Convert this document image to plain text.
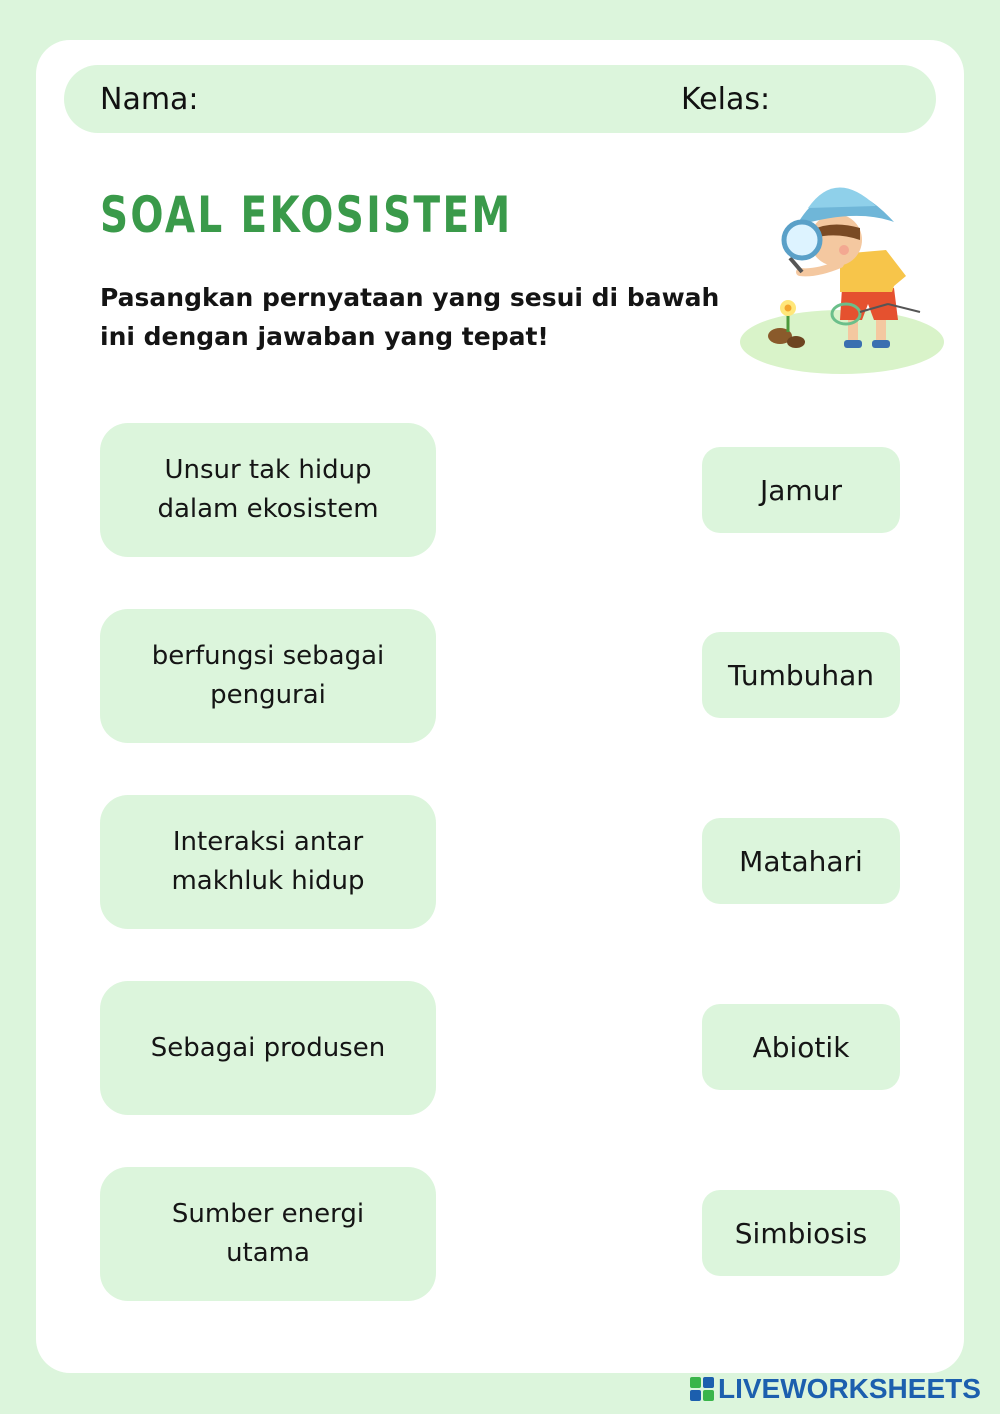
Nama:	Kelas:
SOAL EKOSISTEM
Pasangkan pernyataan yang sesui di bawah ini dengan jawaban yang tepat!
Unsur tak hidup dalam ekosistem
berfungsi sebagai pengurai
Interaksi antar makhluk hidup
Sebagai produsen
Sumber energi utama
Jamur
Tumbuhan
Matahari
Abiotik
Simbiosis
LIVEWORKSHEETS
